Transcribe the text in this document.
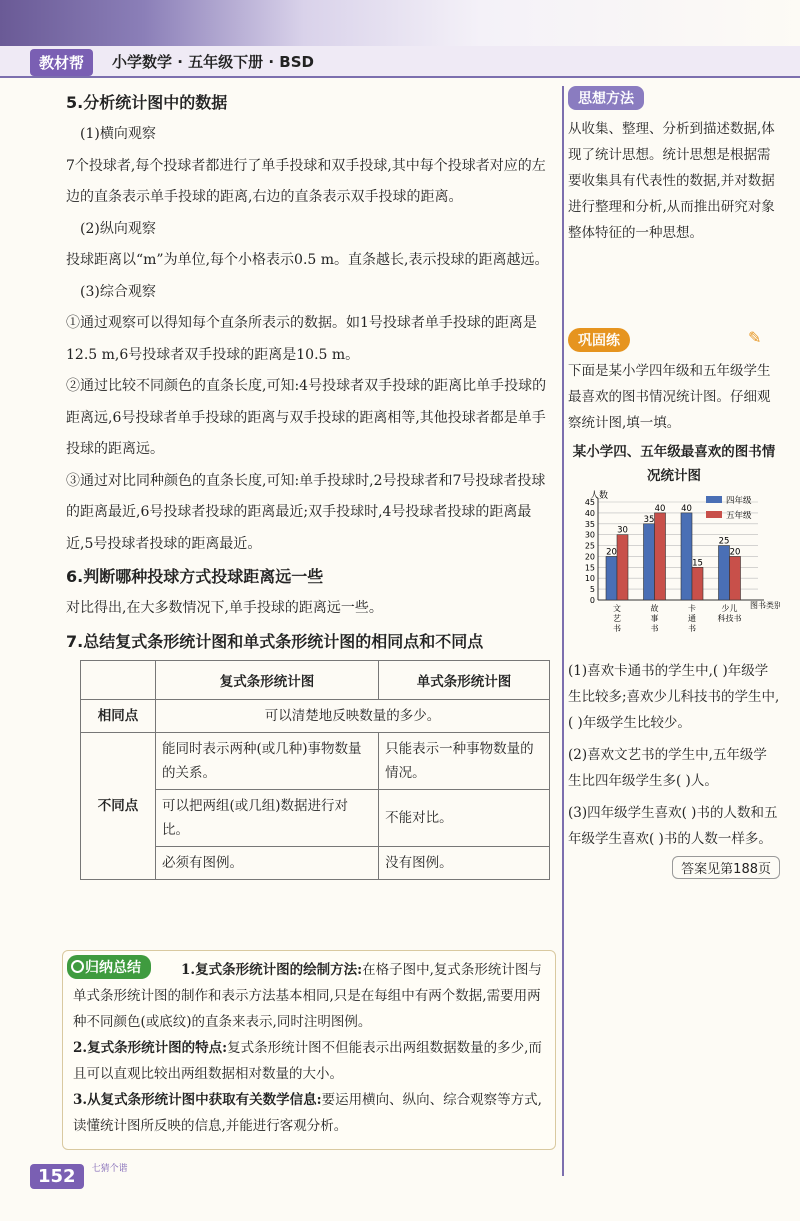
教材帮	小学数学 · 五年级下册 · BSD
5.分析统计图中的数据

(1)横向观察

7个投球者,每个投球者都进行了单手投球和双手投球,其中每个投球者对应的左边的直条表示单手投球的距离,右边的直条表示双手投球的距离。

(2)纵向观察

投球距离以“m”为单位,每个小格表示0.5 m。直条越长,表示投球的距离越远。

(3)综合观察

①通过观察可以得知每个直条所表示的数据。如1号投球者单手投球的距离是12.5 m,6号投球者双手投球的距离是10.5 m。

②通过比较不同颜色的直条长度,可知:4号投球者双手投球的距离比单手投球的距离远,6号投球者单手投球的距离与双手投球的距离相等,其他投球者都是单手投球的距离远。

③通过对比同种颜色的直条长度,可知:单手投球时,2号投球者和7号投球者投球的距离最近,6号投球者投球的距离最近;双手投球时,4号投球者投球的距离最近,5号投球者投球的距离最近。

6.判断哪种投球方式投球距离远一些

对比得出,在大多数情况下,单手投球的距离远一些。

7.总结复式条形统计图和单式条形统计图的相同点和不同点
	复式条形统计图	单式条形统计图
相同点	可以清楚地反映数量的多少。	
不同点	能同时表示两种(或几种)事物数量的关系。	只能表示一种事物数量的情况。
	可以把两组(或几组)数据进行对比。	不能对比。
	必须有图例。	没有图例。
1.复式条形统计图的绘制方法:在格子图中,复式条形统计图与单式条形统计图的制作和表示方法基本相同,只是在每组中有两个数据,需要用两种不同颜色(或底纹)的直条来表示,同时注明图例。
2.复式条形统计图的特点:复式条形统计图不但能表示出两组数据数量的多少,而且可以直观比较出两组数据相对数量的大小。
3.从复式条形统计图中获取有关数学信息:要运用横向、纵向、综合观察等方式,读懂统计图所反映的信息,并能进行客观分析。
归纳总结
思想方法

从收集、整理、分析到描述数据,体现了统计思想。统计思想是根据需要收集具有代表性的数据,并对数据进行整理和分析,从而推出研究对象整体特征的一种思想。

巩固练	✎

下面是某小学四年级和五年级学生最喜欢的图书情况统计图。仔细观察统计图,填一填。

某小学四、五年级最喜欢的图书情况统计图
人数
0
5
10
15
20
25
30
35
40
45
20
30
文
艺
书
35
40
故
事
书
40
15
卡
通
书
25
20
少儿
科技书
四年级
五年级
图书类别

(1)喜欢卡通书的学生中,( )年级学生比较多;喜欢少儿科技书的学生中,( )年级学生比较少。

(2)喜欢文艺书的学生中,五年级学生比四年级学生多( )人。

(3)四年级学生喜欢( )书的人数和五年级学生喜欢( )书的人数一样多。

答案见第188页
152 七猜个谐
